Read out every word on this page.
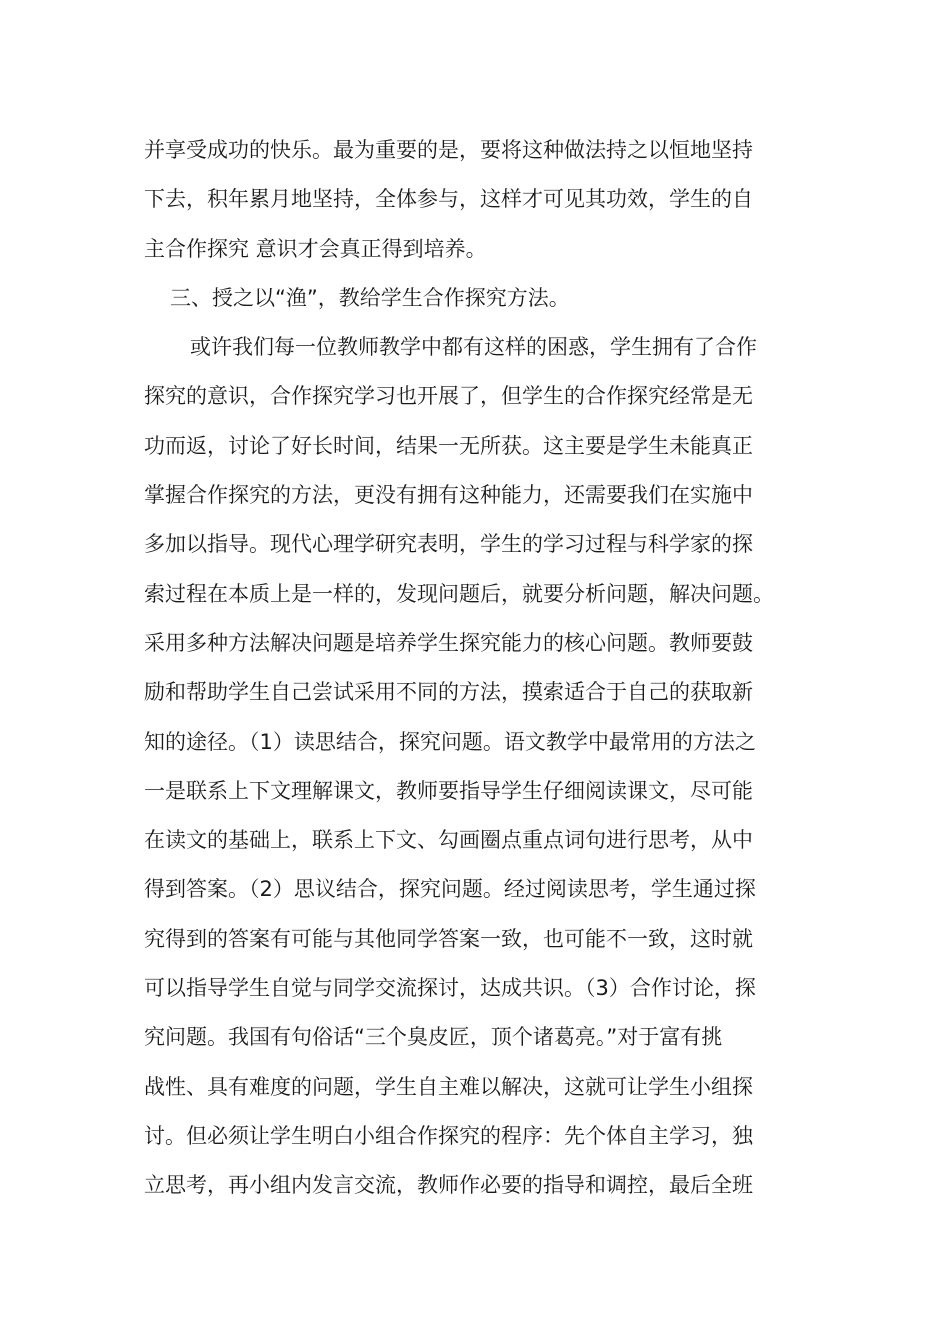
并享受成功的快乐。最为重要的是，要将这种做法持之以恒地坚持
下去，积年累月地坚持，全体参与，这样才可见其功效，学生的自
主合作探究 意识才会真正得到培养。
三、授之以“渔”，教给学生合作探究方法。
或许我们每一位教师教学中都有这样的困惑，学生拥有了合作
探究的意识，合作探究学习也开展了，但学生的合作探究经常是无
功而返，讨论了好长时间，结果一无所获。这主要是学生未能真正
掌握合作探究的方法，更没有拥有这种能力，还需要我们在实施中
多加以指导。现代心理学研究表明，学生的学习过程与科学家的探
索过程在本质上是一样的，发现问题后，就要分析问题，解决问题。
采用多种方法解决问题是培养学生探究能力的核心问题。教师要鼓
励和帮助学生自己尝试采用不同的方法，摸索适合于自己的获取新
知的途径。（1）读思结合，探究问题。语文教学中最常用的方法之
一是联系上下文理解课文，教师要指导学生仔细阅读课文，尽可能
在读文的基础上，联系上下文、勾画圈点重点词句进行思考，从中
得到答案。（2）思议结合，探究问题。经过阅读思考，学生通过探
究得到的答案有可能与其他同学答案一致，也可能不一致，这时就
可以指导学生自觉与同学交流探讨，达成共识。（3）合作讨论，探
究问题。我国有句俗话“三个臭皮匠，顶个诸葛亮。”对于富有挑
战性、具有难度的问题，学生自主难以解决，这就可让学生小组探
讨。但必须让学生明白小组合作探究的程序：先个体自主学习，独
立思考，再小组内发言交流，教师作必要的指导和调控，最后全班
